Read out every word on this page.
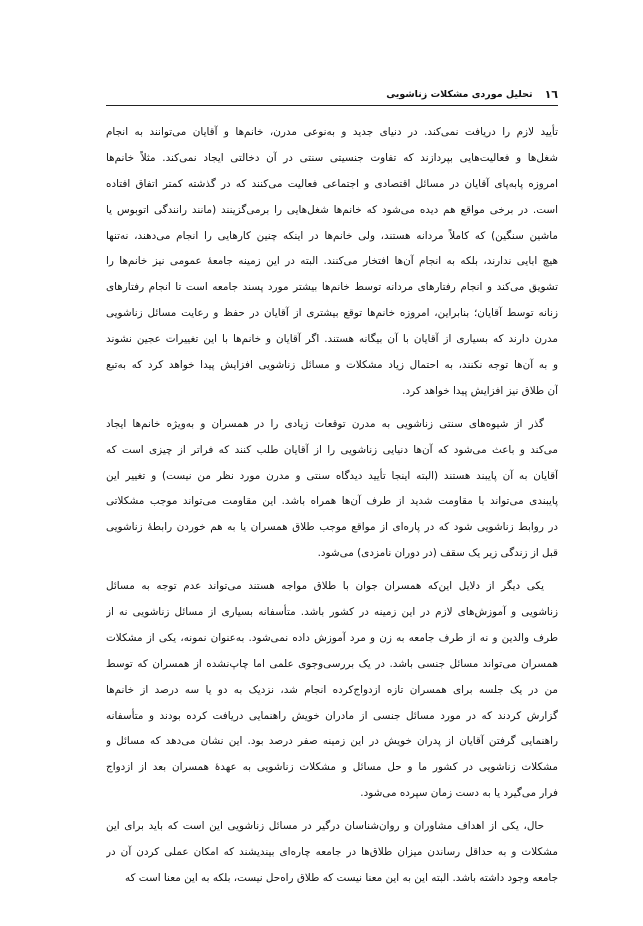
١٦
تحلیل موردی مشکلات زناشویی
تأیید لازم را دریافت نمی‌کند. در دنیای جدید و به‌نوعی مدرن، خانم‌ها و آقایان می‌توانند به انجام
شغل‌ها و فعالیت‌هایی بپردازند که تفاوت جنسیتی سنتی در آن دخالتی ایجاد نمی‌کند. مثلاً خانم‌ها
امروزه پا‌به‌پای آقایان در مسائل اقتصادی و اجتماعی فعالیت می‌کنند که در گذشته کمتر اتفاق افتاده
است. در برخی مواقع هم دیده می‌شود که خانم‌ها شغل‌هایی را برمی‌گزینند (مانند رانندگی اتوبوس یا
ماشین سنگین) که کاملاً مردانه هستند، ولی خانم‌ها در اینکه چنین کارهایی را انجام می‌دهند، نه‌تنها
هیچ ابایی ندارند، بلکه به انجام آن‌ها افتخار می‌کنند. البته در این زمینه جامعهٔ عمومی نیز خانم‌ها را
تشویق می‌کند و انجام رفتارهای مردانه توسط خانم‌ها بیشتر مورد پسند جامعه است تا انجام رفتارهای
زنانه توسط آقایان؛ بنابراین، امروزه خانم‌ها توقع بیشتری از آقایان در حفظ و رعایت مسائل زناشویی
مدرن دارند که بسیاری از آقایان با آن بیگانه هستند. اگر آقایان و خانم‌ها با این تغییرات عجین نشوند
و به آن‌ها توجه نکنند، به احتمال زیاد مشکلات و مسائل زناشویی افزایش پیدا خواهد کرد که به‌تبع
آن طلاق نیز افزایش پیدا خواهد کرد.
گذر از شیوه‌های سنتی زناشویی به مدرن توقعات زیادی را در همسران و به‌ویژه خانم‌ها ایجاد
می‌کند و باعث می‌شود که آن‌ها دنیایی زناشویی را از آقایان طلب کنند که فراتر از چیزی است که
آقایان به آن پایبند هستند (البته اینجا تأیید دیدگاه سنتی و مدرن مورد نظر من نیست) و تغییر این
پایبندی می‌تواند با مقاومت شدید از طرف آن‌ها همراه باشد. این مقاومت می‌تواند موجب مشکلاتی
در روابط زناشویی شود که در پاره‌ای از مواقع موجب طلاق همسران یا به هم خوردن رابطهٔ زناشویی
قبل از زندگی زیر یک سقف (در دوران نامزدی) می‌شود.
یکی دیگر از دلایل این‌که همسران جوان با طلاق مواجه هستند می‌تواند عدم توجه به مسائل
زناشویی و آموزش‌های لازم در این زمینه در کشور باشد. متأسفانه بسیاری از مسائل زناشویی نه از
طرف والدین و نه از طرف جامعه به زن و مرد آموزش داده نمی‌شود. به‌عنوان نمونه، یکی از مشکلات
همسران می‌تواند مسائل جنسی باشد. در یک بررسی‌وجوی علمی اما چاپ‌نشده از همسران که توسط
من در یک جلسه برای همسران تازه ازدواج‌کرده انجام شد، نزدیک به دو یا سه درصد از خانم‌ها
گزارش کردند که در مورد مسائل جنسی از مادران خویش راهنمایی دریافت کرده بودند و متأسفانه
راهنمایی گرفتن آقایان از پدران خویش در این زمینه صفر درصد بود. این نشان می‌دهد که مسائل و
مشکلات زناشویی در کشور ما و حل مسائل و مشکلات زناشویی به عهدهٔ همسران بعد از ازدواج
فرار می‌گیرد یا به دست زمان سپرده می‌شود.
حال، یکی از اهداف مشاوران و روان‌شناسان درگیر در مسائل زناشویی این است که باید برای این
مشکلات و به حداقل رساندن میزان طلاق‌ها در جامعه چاره‌ای بیندیشند که امکان عملی کردن آن در
جامعه وجود داشته باشد. البته این به این معنا نیست که طلاق راه‌حل نیست، بلکه به این معنا است که
